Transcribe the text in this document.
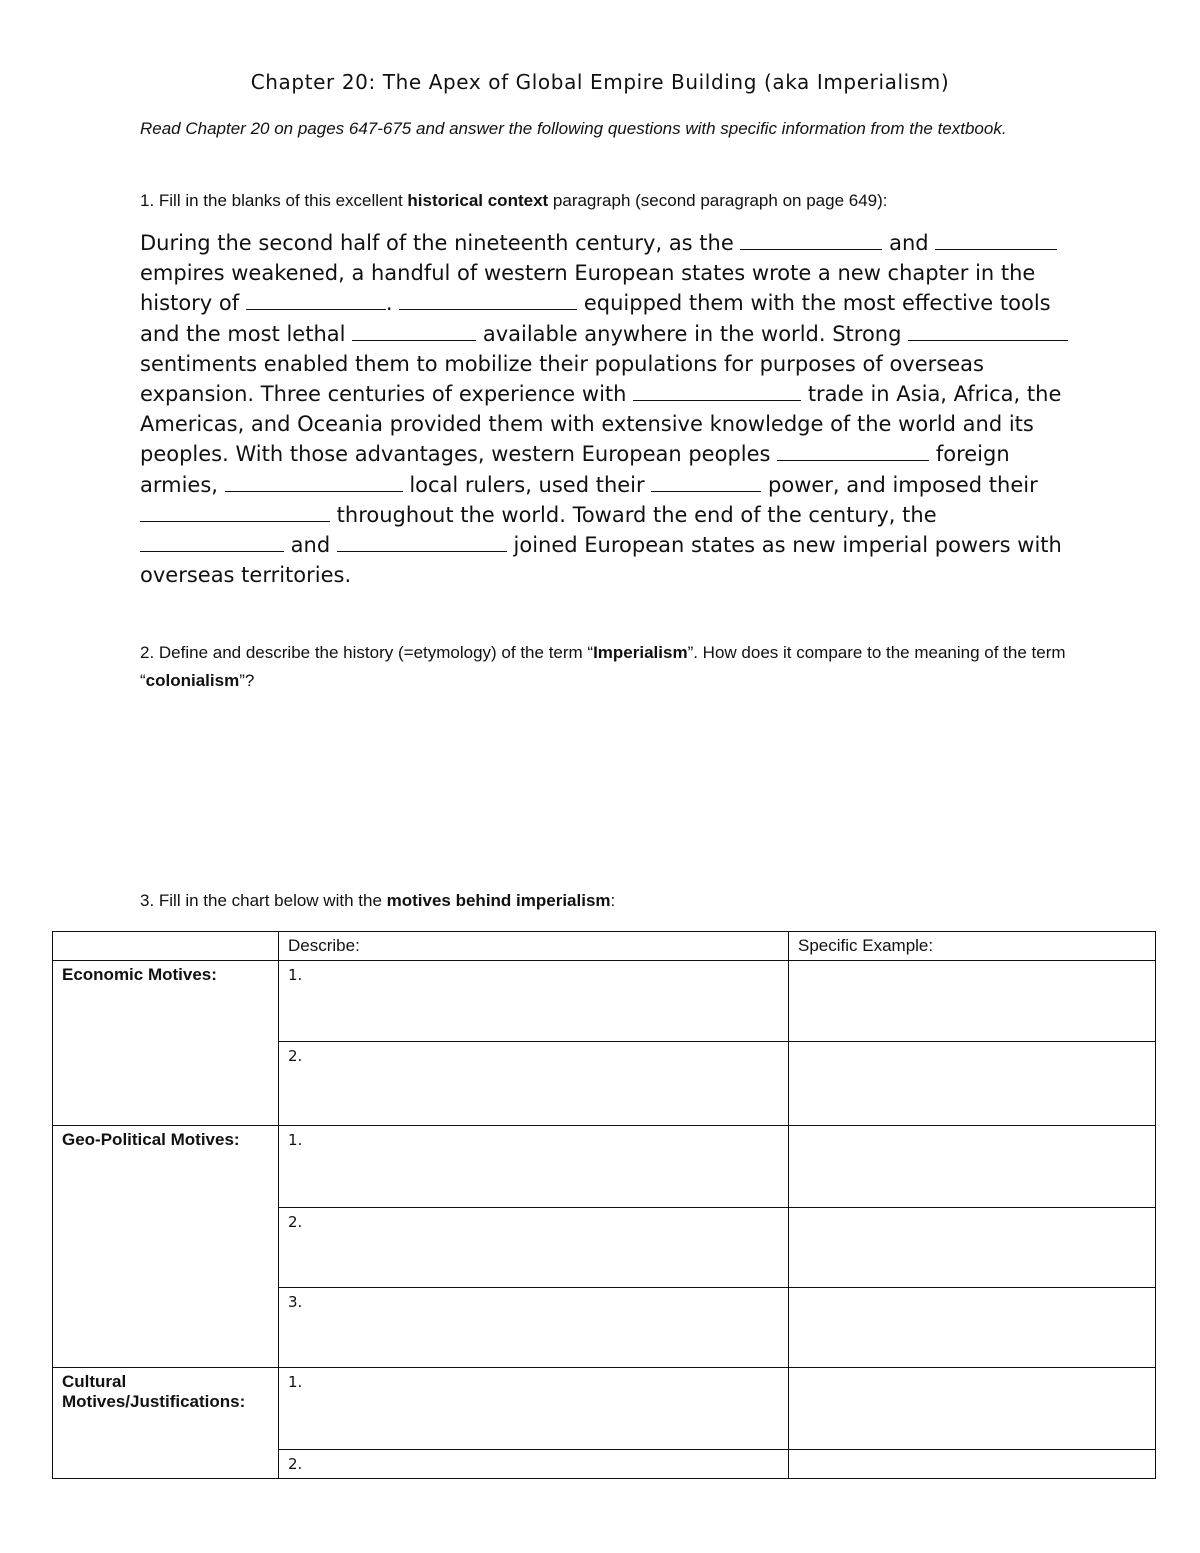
Chapter 20: The Apex of Global Empire Building (aka Imperialism)
Read Chapter 20 on pages 647-675 and answer the following questions with specific information from the textbook.
1. Fill in the blanks of this excellent historical context paragraph (second paragraph on page 649):
During the second half of the nineteenth century, as the	and  empires weakened, a handful of western European states wrote a new chapter in the history of	.	equipped them with the most effective tools and the most lethal	available anywhere in the world. Strong  sentiments enabled them to mobilize their populations for purposes of overseas expansion. Three centuries of experience with	trade in Asia, Africa, the Americas, and Oceania provided them with extensive knowledge of the world and its peoples. With those advantages, western European peoples	foreign armies,	local rulers, used their	power, and imposed their  throughout the world. Toward the end of the century, the  and	joined European states as new imperial powers with overseas territories.
2. Define and describe the history (=etymology) of the term “Imperialism”. How does it compare to the meaning of the term “colonialism”?
3. Fill in the chart below with the motives behind imperialism:
	Describe:	Specific Example:
Economic Motives:	1.	
	2.	
Geo-Political Motives:	1.	
	2.	
	3.	
Cultural Motives/Justifications:	1.	
	2.	
